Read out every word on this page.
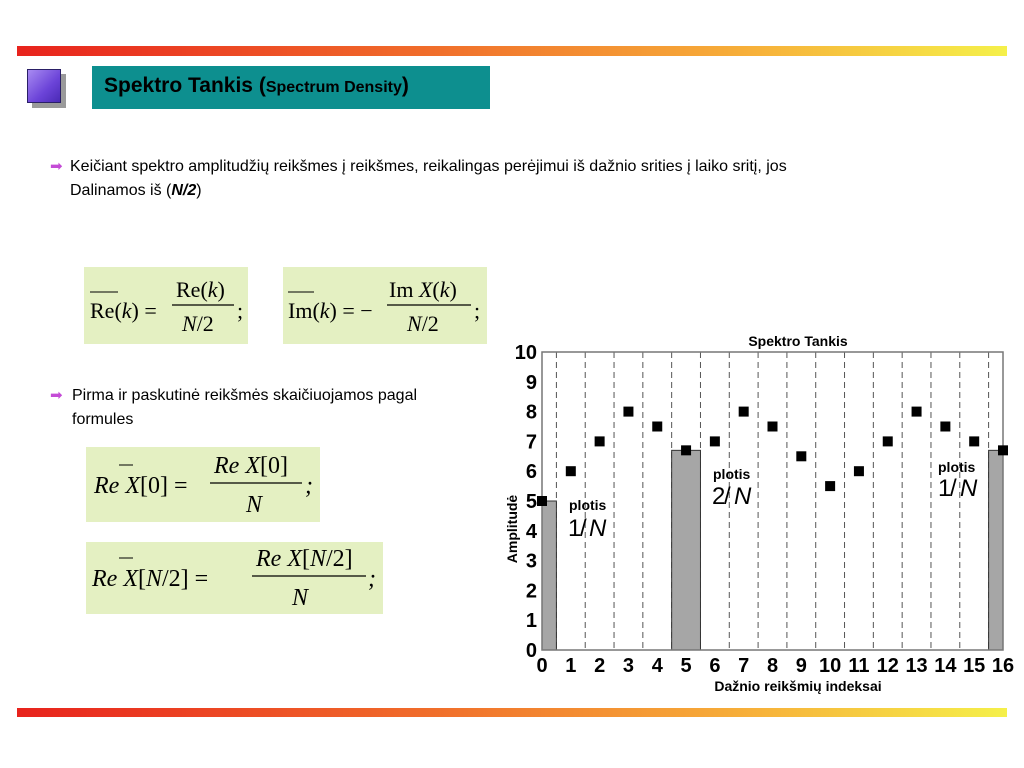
Spektro Tankis (Spectrum Density)
➡ Keičiant spektro amplitudžių reikšmes į reikšmes, reikalingas perėjimui iš dažnio srities į laiko sritį, jos
Dalinamos iš (N/2)
Re(k) =
Re(k)
N/2
; Im(k) = −
Im X(k)
N/2
;
➡ Pirma ir paskutinė reikšmės skaičiuojamos pagal formules
Re X[0] =
Re X[0]
N
;
Re X[N/2] =
Re X[N/2]
N
;
Spektro Tankis
0
1
2
3
4
5
6
7
8
9
10
0 1 2 3 4 5 6 7 8 9 10 11 12 13 14 15 16
Amplitudė
Dažnio reikšmių indeksai
plotis
1
/ N
plotis
2
/ N
plotis
1
/ N
